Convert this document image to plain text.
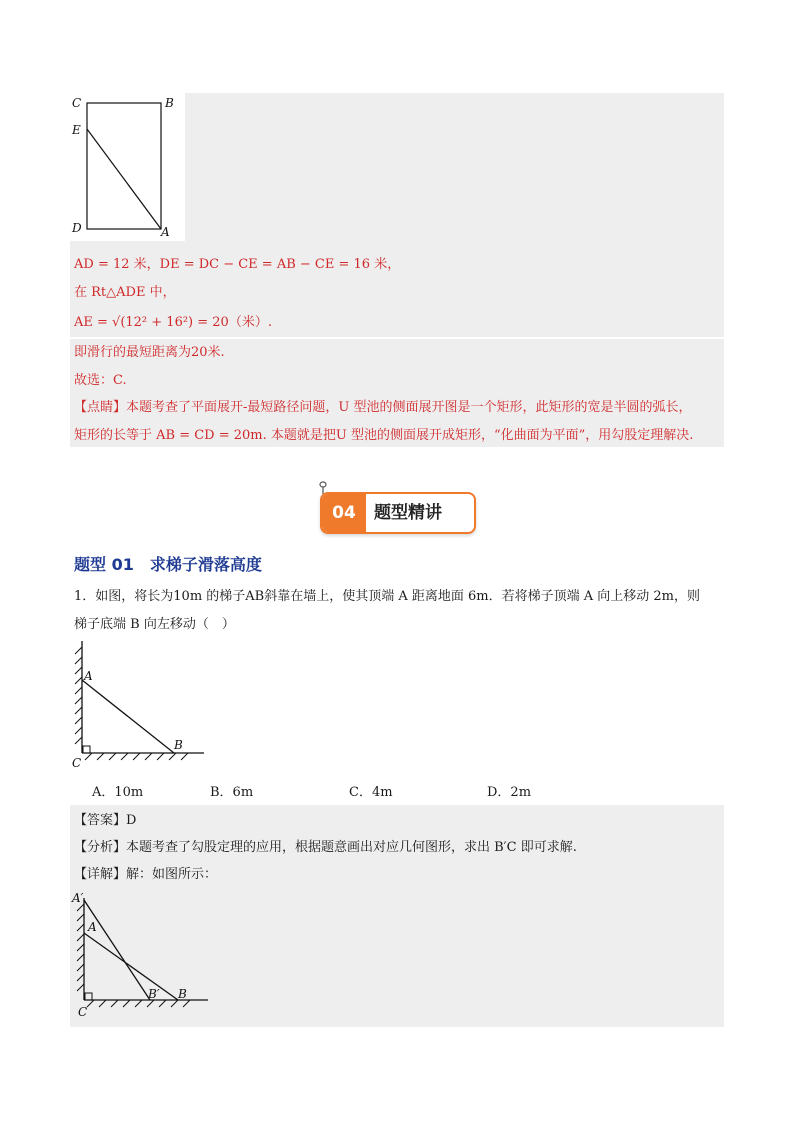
C	B
E
D	A
AD = 12 米，DE = DC − CE = AB − CE = 16 米，
在 Rt△ADE 中，
AE = √(12² + 16²) = 20（米）.
即滑行的最短距离为20米.
故选：C.
【点睛】本题考查了平面展开‑最短路径问题，U 型池的侧面展开图是一个矩形，此矩形的宽是半圆的弧长，
矩形的长等于 AB = CD = 20m. 本题就是把U 型池的侧面展开成矩形，“化曲面为平面”，用勾股定理解决.
04	题型精讲
题型 01　求梯子滑落高度
1．如图，将长为10m 的梯子AB斜靠在墙上，使其顶端 A 距离地面 6m．若将梯子顶端 A 向上移动 2m，则
梯子底端 B 向左移动（　）
A
B
C
A．10m	B．6m	C．4m	D．2m
【答案】D
【分析】本题考查了勾股定理的应用，根据题意画出对应几何图形，求出 B′C 即可求解.
【详解】解：如图所示：
A′
A
B′ B
C
